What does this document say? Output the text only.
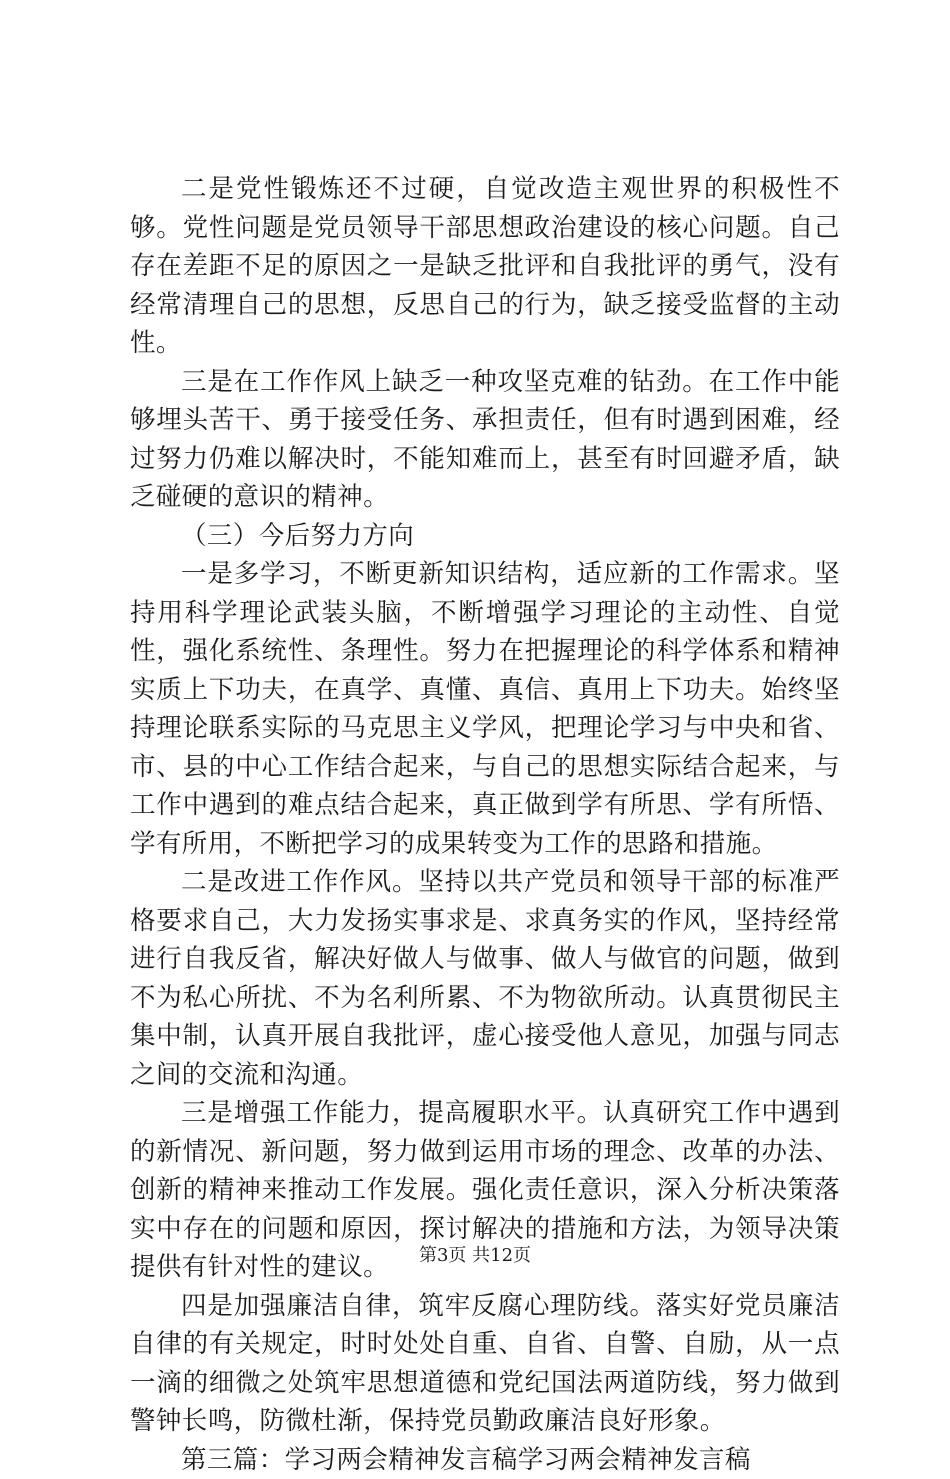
二是党性锻炼还不过硬，自觉改造主观世界的积极性不够。党性问题是党员领导干部思想政治建设的核心问题。自己存在差距不足的原因之一是缺乏批评和自我批评的勇气，没有经常清理自己的思想，反思自己的行为，缺乏接受监督的主动性。

三是在工作作风上缺乏一种攻坚克难的钻劲。在工作中能够埋头苦干、勇于接受任务、承担责任，但有时遇到困难，经过努力仍难以解决时，不能知难而上，甚至有时回避矛盾，缺乏碰硬的意识的精神。

（三）今后努力方向

一是多学习，不断更新知识结构，适应新的工作需求。坚持用科学理论武装头脑，不断增强学习理论的主动性、自觉性，强化系统性、条理性。努力在把握理论的科学体系和精神实质上下功夫，在真学、真懂、真信、真用上下功夫。始终坚持理论联系实际的马克思主义学风，把理论学习与中央和省、市、县的中心工作结合起来，与自己的思想实际结合起来，与工作中遇到的难点结合起来，真正做到学有所思、学有所悟、学有所用，不断把学习的成果转变为工作的思路和措施。

二是改进工作作风。坚持以共产党员和领导干部的标准严格要求自己，大力发扬实事求是、求真务实的作风，坚持经常进行自我反省，解决好做人与做事、做人与做官的问题，做到不为私心所扰、不为名利所累、不为物欲所动。认真贯彻民主集中制，认真开展自我批评，虚心接受他人意见，加强与同志之间的交流和沟通。

三是增强工作能力，提高履职水平。认真研究工作中遇到的新情况、新问题，努力做到运用市场的理念、改革的办法、创新的精神来推动工作发展。强化责任意识，深入分析决策落实中存在的问题和原因，探讨解决的措施和方法，为领导决策提供有针对性的建议。

四是加强廉洁自律，筑牢反腐心理防线。落实好党员廉洁自律的有关规定，时时处处自重、自省、自警、自励，从一点一滴的细微之处筑牢思想道德和党纪国法两道防线，努力做到警钟长鸣，防微杜渐，保持党员勤政廉洁良好形象。

第三篇：学习两会精神发言稿学习两会精神发言稿

第3页 共12页
